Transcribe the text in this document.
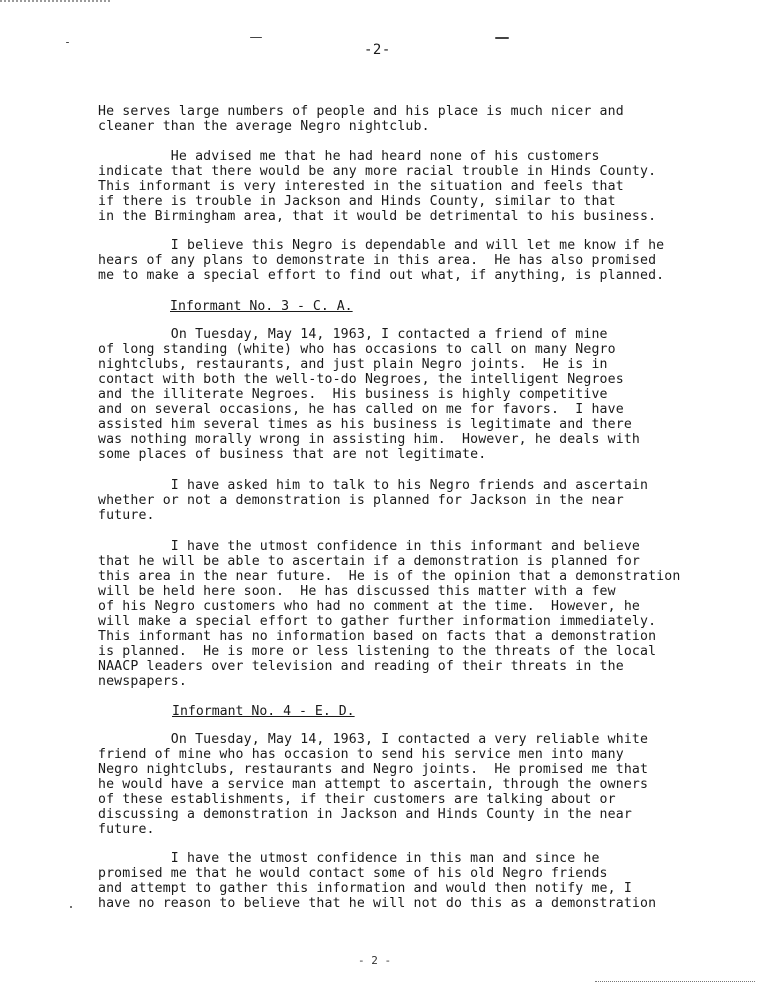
-2-

He serves large numbers of people and his place is much nicer and
cleaner than the average Negro nightclub.

He advised me that he had heard none of his customers
indicate that there would be any more racial trouble in Hinds County.
This informant is very interested in the situation and feels that
if there is trouble in Jackson and Hinds County, similar to that
in the Birmingham area, that it would be detrimental to his business.

I believe this Negro is dependable and will let me know if he
hears of any plans to demonstrate in this area.  He has also promised
me to make a special effort to find out what, if anything, is planned.

Informant No. 3 - C. A.

On Tuesday, May 14, 1963, I contacted a friend of mine
of long standing (white) who has occasions to call on many Negro
nightclubs, restaurants, and just plain Negro joints.  He is in
contact with both the well-to-do Negroes, the intelligent Negroes
and the illiterate Negroes.  His business is highly competitive
and on several occasions, he has called on me for favors.  I have
assisted him several times as his business is legitimate and there
was nothing morally wrong in assisting him.  However, he deals with
some places of business that are not legitimate.

I have asked him to talk to his Negro friends and ascertain
whether or not a demonstration is planned for Jackson in the near
future.

I have the utmost confidence in this informant and believe
that he will be able to ascertain if a demonstration is planned for
this area in the near future.  He is of the opinion that a demonstration
will be held here soon.  He has discussed this matter with a few
of his Negro customers who had no comment at the time.  However, he
will make a special effort to gather further information immediately.
This informant has no information based on facts that a demonstration
is planned.  He is more or less listening to the threats of the local
NAACP leaders over television and reading of their threats in the
newspapers.

Informant No. 4 - E. D.

On Tuesday, May 14, 1963, I contacted a very reliable white
friend of mine who has occasion to send his service men into many
Negro nightclubs, restaurants and Negro joints.  He promised me that
he would have a service man attempt to ascertain, through the owners
of these establishments, if their customers are talking about or
discussing a demonstration in Jackson and Hinds County in the near
future.

I have the utmost confidence in this man and since he
promised me that he would contact some of his old Negro friends
and attempt to gather this information and would then notify me, I
have no reason to believe that he will not do this as a demonstration

- 2 -
